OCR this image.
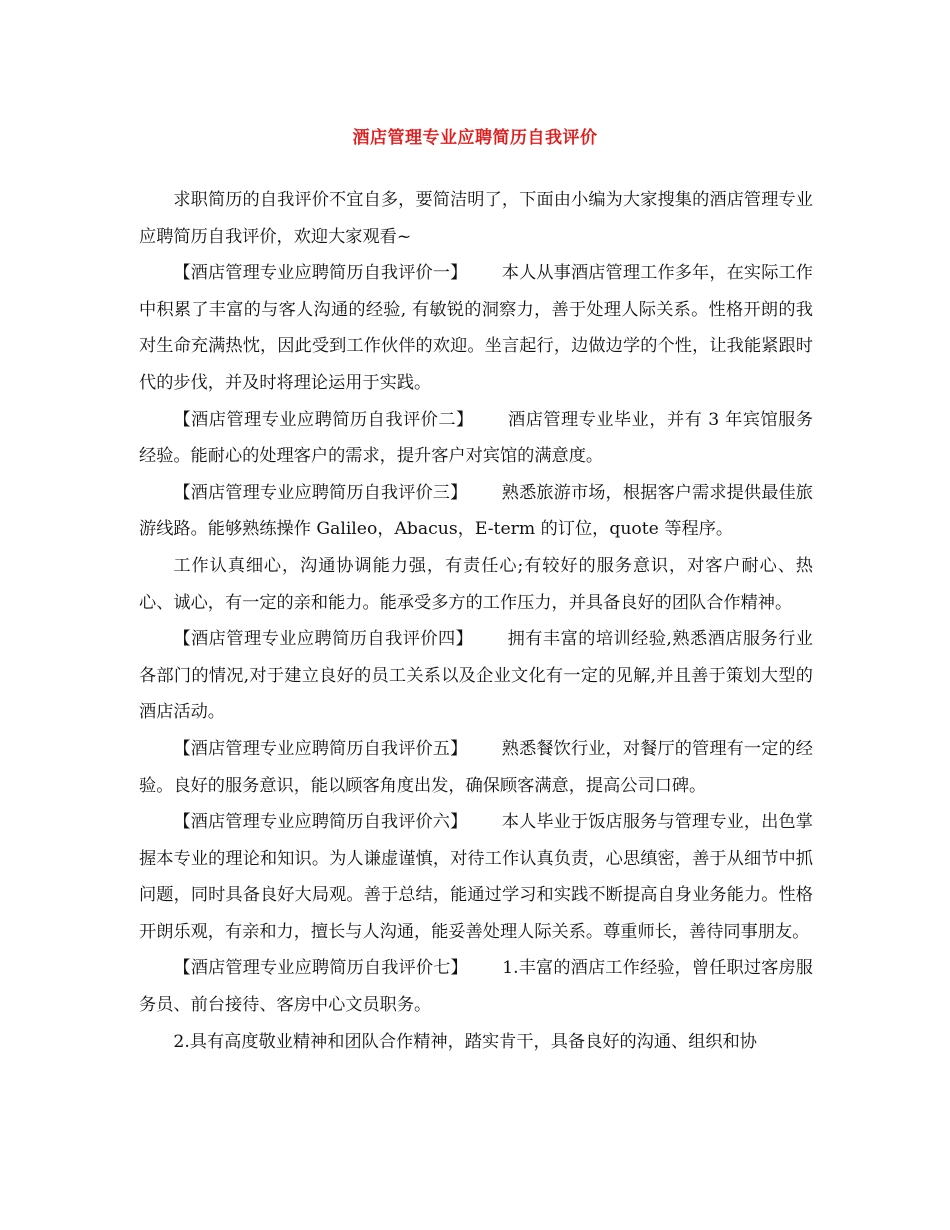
酒店管理专业应聘简历自我评价

求职简历的自我评价不宜自多，要简洁明了，下面由小编为大家搜集的酒店管理专业应聘简历自我评价，欢迎大家观看~

【酒店管理专业应聘简历自我评价一】 本人从事酒店管理工作多年，在实际工作中积累了丰富的与客人沟通的经验, 有敏锐的洞察力，善于处理人际关系。性格开朗的我对生命充满热忱，因此受到工作伙伴的欢迎。坐言起行，边做边学的个性，让我能紧跟时代的步伐，并及时将理论运用于实践。

【酒店管理专业应聘简历自我评价二】 酒店管理专业毕业，并有 3 年宾馆服务经验。能耐心的处理客户的需求，提升客户对宾馆的满意度。

【酒店管理专业应聘简历自我评价三】 熟悉旅游市场，根据客户需求提供最佳旅游线路。能够熟练操作 Galileo，Abacus，E-term 的订位，quote 等程序。

工作认真细心，沟通协调能力强，有责任心;有较好的服务意识，对客户耐心、热心、诚心，有一定的亲和能力。能承受多方的工作压力，并具备良好的团队合作精神。

【酒店管理专业应聘简历自我评价四】 拥有丰富的培训经验,熟悉酒店服务行业各部门的情况,对于建立良好的员工关系以及企业文化有一定的见解,并且善于策划大型的酒店活动。

【酒店管理专业应聘简历自我评价五】 熟悉餐饮行业，对餐厅的管理有一定的经验。良好的服务意识，能以顾客角度出发，确保顾客满意，提高公司口碑。

【酒店管理专业应聘简历自我评价六】 本人毕业于饭店服务与管理专业，出色掌握本专业的理论和知识。为人谦虚谨慎，对待工作认真负责，心思缜密，善于从细节中抓问题，同时具备良好大局观。善于总结，能通过学习和实践不断提高自身业务能力。性格开朗乐观，有亲和力，擅长与人沟通，能妥善处理人际关系。尊重师长，善待同事朋友。

【酒店管理专业应聘简历自我评价七】 1.丰富的酒店工作经验，曾任职过客房服务员、前台接待、客房中心文员职务。

2.具有高度敬业精神和团队合作精神，踏实肯干，具备良好的沟通、组织和协
